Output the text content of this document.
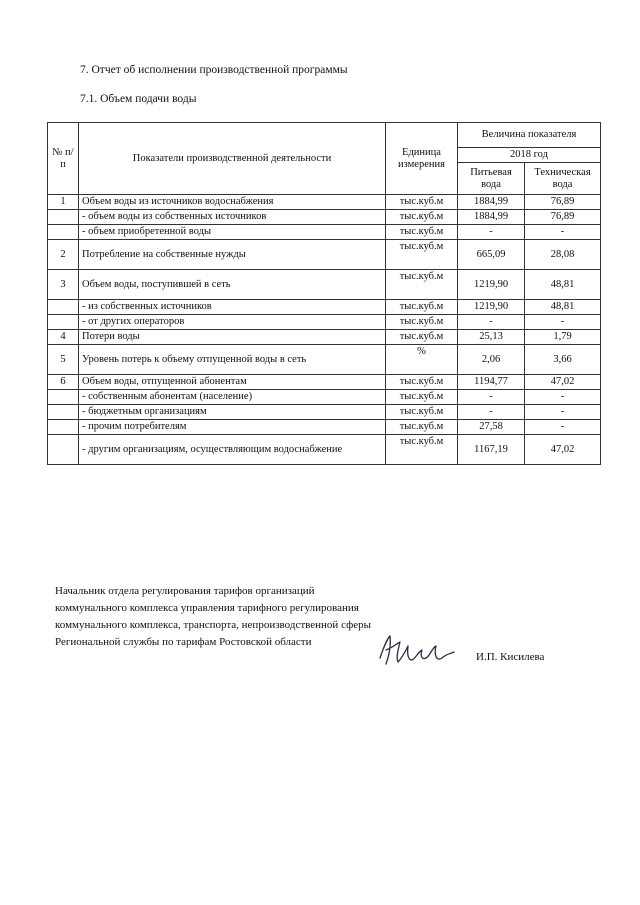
7. Отчет об исполнении производственной программы
7.1. Объем подачи воды
№ п/п	Показатели производственной деятельности	Единица измерения	Величина показателя	
			2018 год	
			Питьевая вода	Техническая вода
1	Объем воды из источников водоснабжения	тыс.куб.м	1884,99	76,89
	- объем воды из собственных источников	тыс.куб.м	1884,99	76,89
	- объем приобретенной воды	тыс.куб.м	-	-
2	Потребление на собственные нужды	тыс.куб.м	665,09	28,08
3	Объем воды, поступившей в сеть	тыс.куб.м	1219,90	48,81
	- из собственных источников	тыс.куб.м	1219,90	48,81
	- от других операторов	тыс.куб.м	-	-
4	Потери воды	тыс.куб.м	25,13	1,79
5	Уровень потерь к объему отпущенной воды в сеть	%	2,06	3,66
6	Объем воды, отпущенной абонентам	тыс.куб.м	1194,77	47,02
	- собственным абонентам (население)	тыс.куб.м	-	-
	- бюджетным организациям	тыс.куб.м	-	-
	- прочим потребителям	тыс.куб.м	27,58	-
	- другим организациям, осуществляющим водоснабжение	тыс.куб.м	1167,19	47,02
Начальник отдела регулирования тарифов организаций коммунального комплекса управления тарифного регулирования коммунального комплекса, транспорта, непроизводственной сферы Региональной службы по тарифам Ростовской области
И.П. Кисилева
